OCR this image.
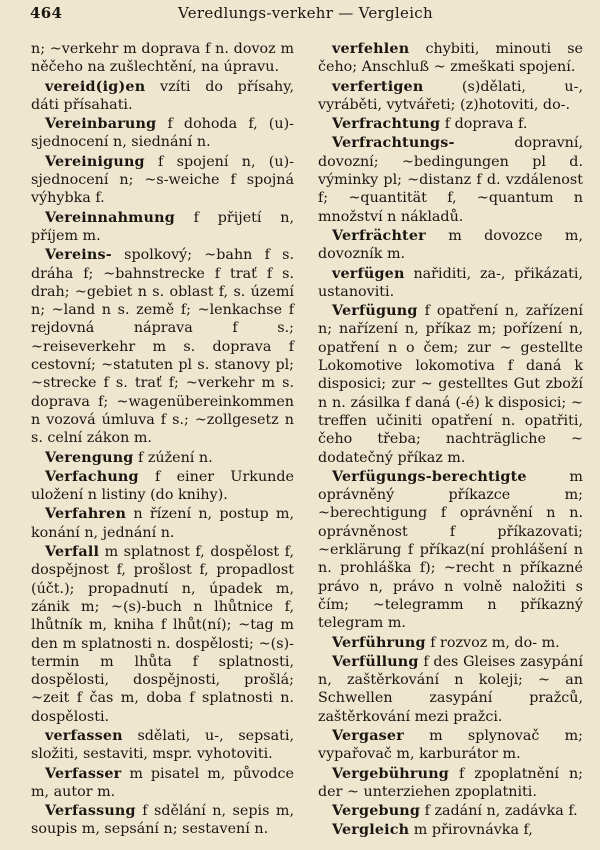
464	Veredlungs-verkehr — Vergleich

n; ~verkehr m doprava f n. dovoz m něčeho na zušlechtění, na úpravu.

vereid(ig)en vzíti do přísahy, dáti přísahati.

Vereinbarung f dohoda f, (u)-sjednocení n, siednání n.

Vereinigung f spojení n, (u)-sjednocení n; ~s-weiche f spojná výhybka f.

Vereinnahmung f přijetí n, příjem m.

Vereins- spolkový; ~bahn f s. dráha f; ~bahnstrecke f trať f s. drah; ~gebiet n s. oblast f, s. území n; ~land n s. země f; ~lenkachse f rejdovná náprava f s.; ~reiseverkehr m s. doprava f cestovní; ~statuten pl s. stanovy pl; ~strecke f s. trať f; ~verkehr m s. doprava f; ~wagenübereinkommen n vozová úmluva f s.; ~zollgesetz n s. celní zákon m.

Verengung f zúžení n.

Verfachung f einer Urkunde uložení n listiny (do knihy).

Verfahren n řízení n, postup m, konání n, jednání n.

Verfall m splatnost f, dospělost f, dospějnost f, prošlost f, propadlost (účt.); propadnutí n, úpadek m, zánik m; ~(s)-buch n lhůtnice f, lhůtník m, kniha f lhůt(ní); ~tag m den m splatnosti n. dospělosti; ~(s)-termin m lhůta f splatnosti, dospělosti, dospějnosti, prošlá; ~zeit f čas m, doba f splatnosti n. dospělosti.

verfassen sdělati, u-, sepsati, složiti, sestaviti, mspr. vyhotoviti.

Verfasser m pisatel m, původce m, autor m.

Verfassung f sdělání n, sepis m, soupis m, sepsání n; sestavení n.

verfehlen chybiti, minouti se čeho; Anschluß ~ zmeškati spojení.

verfertigen (s)dělati, u-, vyráběti, vytvářeti; (z)hotoviti, do-.

Verfrachtung f doprava f.

Verfrachtungs- dopravní, dovozní; ~bedingungen pl d. výminky pl; ~distanz f d. vzdálenost f; ~quantität f, ~quantum n množství n nákladů.

Verfrächter m dovozce m, dovozník m.

verfügen nařiditi, za-, přikázati, ustanoviti.

Verfügung f opatření n, zařízení n; nařízení n, příkaz m; pořízení n, opatření n o čem; zur ~ gestellte Lokomotive lokomotiva f daná k disposici; zur ~ gestelltes Gut zboží n n. zásilka f daná (-é) k disposici; ~ treffen učiniti opatření n. opatřiti, čeho třeba; nachträgliche ~ dodatečný příkaz m.

Verfügungs-berechtigte m oprávněný příkazce m; ~berechtigung f oprávnění n n. oprávněnost f příkazovati; ~erklärung f příkaz(ní prohlášení n n. prohláška f); ~recht n příkazné právo n, právo n volně naložiti s čím; ~telegramm n příkazný telegram m.

Verführung f rozvoz m, do- m.

Verfüllung f des Gleises zasypání n, zaštěrkování n koleji; ~ an Schwellen zasypání pražců, zaštěrkování mezi pražci.

Vergaser m splynovač m; vypařovač m, karburátor m.

Vergebührung f zpoplatnění n; der ~ unterziehen zpoplatniti.

Vergebung f zadání n, zadávka f.

Vergleich m přirovnávka f,
